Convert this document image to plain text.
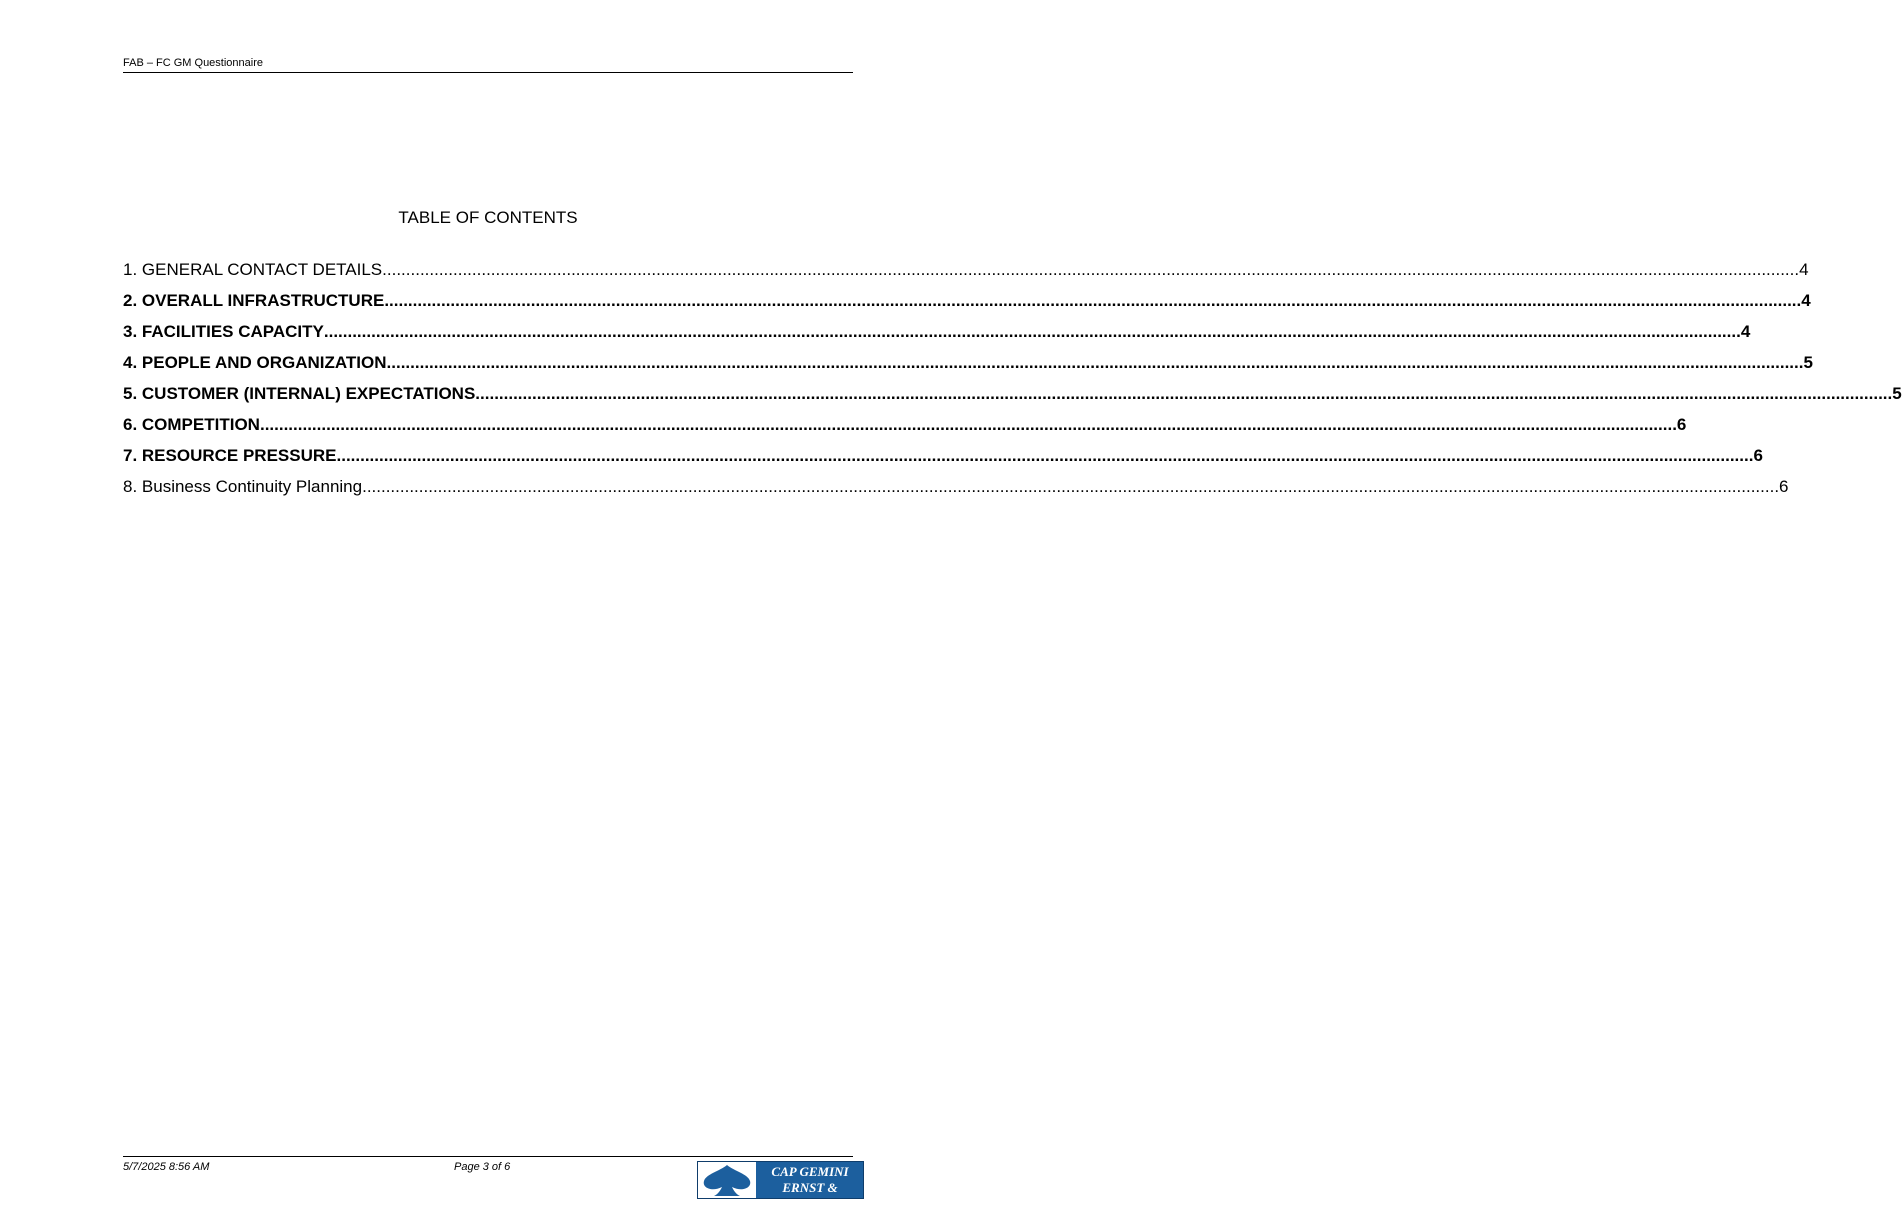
FAB – FC GM Questionnaire
TABLE OF CONTENTS
1. GENERAL CONTACT DETAILS .....	4
2. OVERALL INFRASTRUCTURE .....	4
3. FACILITIES CAPACITY .....	4
4. PEOPLE AND ORGANIZATION .....	5
5. CUSTOMER (INTERNAL) EXPECTATIONS .....	5
6. COMPETITION .....	6
7. RESOURCE PRESSURE .....	6
8. Business Continuity Planning .....	6
5/7/2025 8:56 AM	Page 3 of 6	CAP GEMINI
ERNST & YOUNG
